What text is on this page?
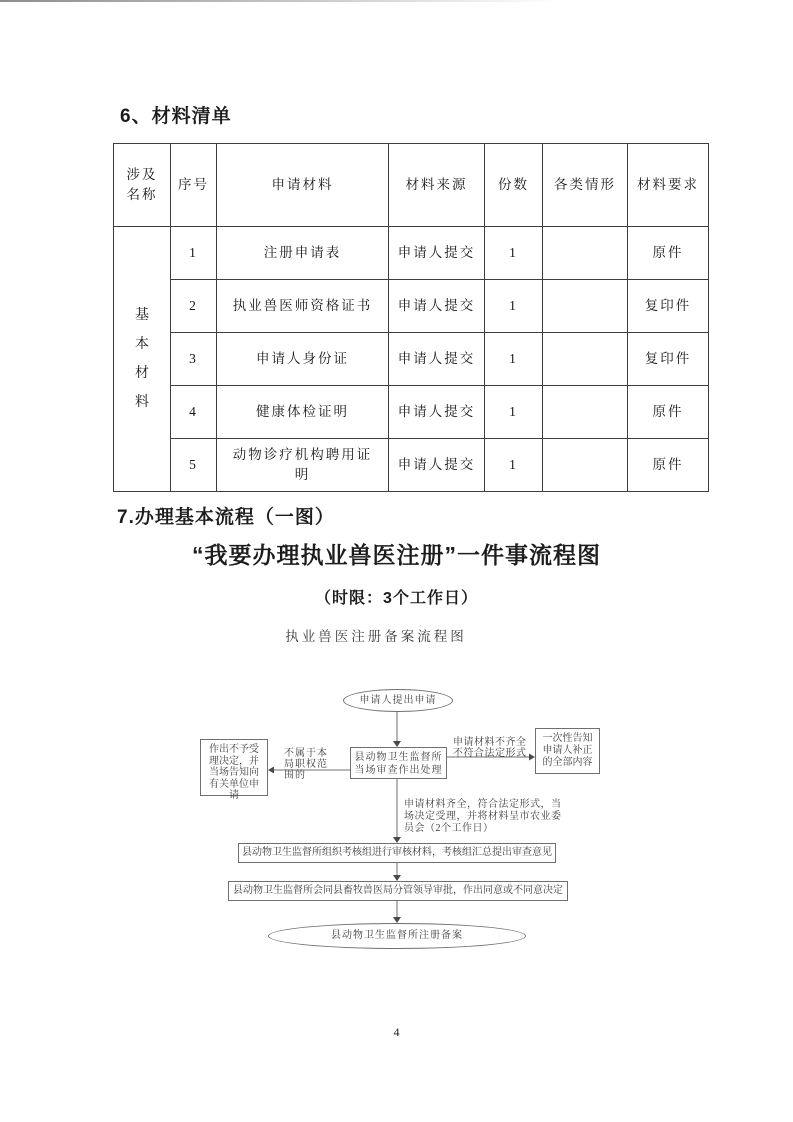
6、材料清单
涉及名称	序号	申请材料	材料来源	份数	各类情形	材料要求
基本材料	1	注册申请表	申请人提交	1		原件
	2	执业兽医师资格证书	申请人提交	1		复印件
	3	申请人身份证	申请人提交	1		复印件
	4	健康体检证明	申请人提交	1		原件
	5	动物诊疗机构聘用证明	申请人提交	1		原件
7.办理基本流程（一图）
“我要办理执业兽医注册”一件事流程图
（时限：3个工作日）
执业兽医注册备案流程图
申请人提出申请
县动物卫生监督所当场审查作出处理
作出不予受理决定，并当场告知向有关单位申请
不属于本局职权范围的
申请材料不齐全不符合法定形式
一次性告知申请人补正的全部内容
申请材料齐全，符合法定形式，当场决定受理，并将材料呈市农业委员会（2个工作日）
县动物卫生监督所组织考核组进行审核材料，考核组汇总提出审查意见
县动物卫生监督所会同县畜牧兽医局分管领导审批，作出同意或不同意决定
县动物卫生监督所注册备案
4
